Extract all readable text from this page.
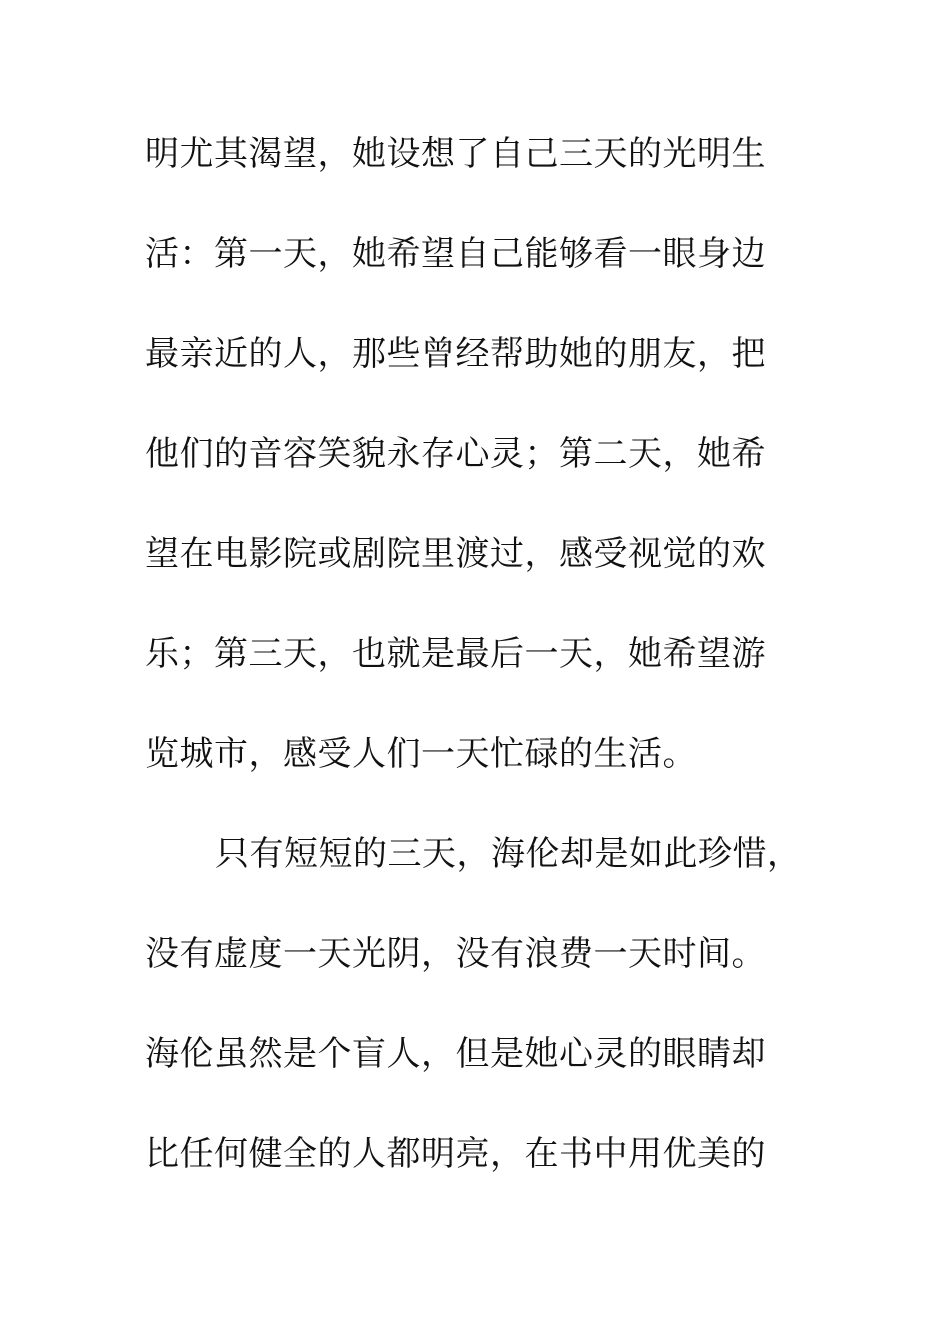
明尤其渴望，她设想了自己三天的光明生
活：第一天，她希望自己能够看一眼身边
最亲近的人，那些曾经帮助她的朋友，把
他们的音容笑貌永存心灵；第二天，她希
望在电影院或剧院里渡过，感受视觉的欢
乐；第三天，也就是最后一天，她希望游
览城市，感受人们一天忙碌的生活。
只有短短的三天，海伦却是如此珍惜，
没有虚度一天光阴，没有浪费一天时间。
海伦虽然是个盲人，但是她心灵的眼睛却
比任何健全的人都明亮，在书中用优美的
